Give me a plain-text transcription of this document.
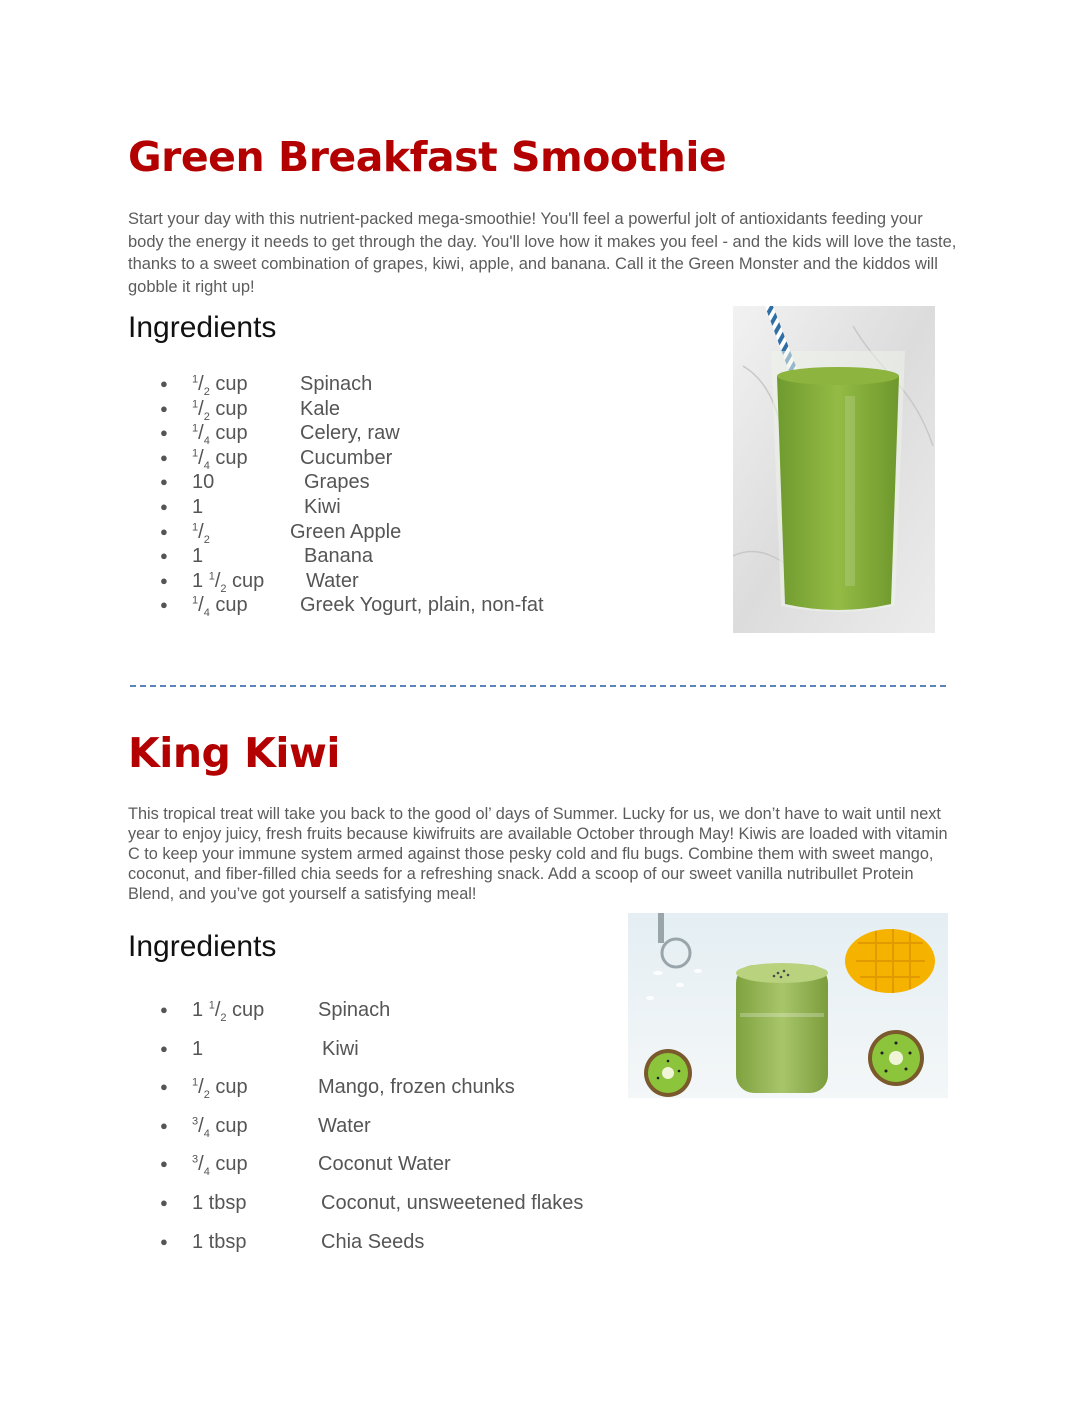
Green Breakfast Smoothie

Start your day with this nutrient-packed mega-smoothie! You'll feel a powerful jolt of antioxidants feeding your body the energy it needs to get through the day. You'll love how it makes you feel - and the kids will love the taste, thanks to a sweet combination of grapes, kiwi, apple, and banana. Call it the Green Monster and the kiddos will gobble it right up!

Ingredients
● $^1/_2$ cup	Spinach
● $^1/_2$ cup	Kale
● $^1/_4$ cup	Celery, raw
● $^1/_4$ cup	Cucumber
● 10	Grapes
● 1	Kiwi
● $^1/_2$	Green Apple
● 1	Banana
● 1 $^1/_2$ cup Water
● $^1/_4$ cup	Greek Yogurt, plain, non-fat
King Kiwi

This tropical treat will take you back to the good ol’ days of Summer. Lucky for us, we don’t have to wait until next year to enjoy juicy, fresh fruits because kiwifruits are available October through May! Kiwis are loaded with vitamin C to keep your immune system armed against those pesky cold and flu bugs. Combine them with sweet mango, coconut, and fiber-filled chia seeds for a refreshing snack. Add a scoop of our sweet vanilla nutribullet Protein Blend, and you’ve got yourself a satisfying meal!

Ingredients
● 1 $^1/_2$ cup	Spinach
● 1	Kiwi
● $^1/_2$ cup	Mango, frozen chunks
● $^3/_4$ cup	Water
● $^3/_4$ cup	Coconut Water
● 1 tbsp	Coconut, unsweetened flakes
● 1 tbsp	Chia Seeds
